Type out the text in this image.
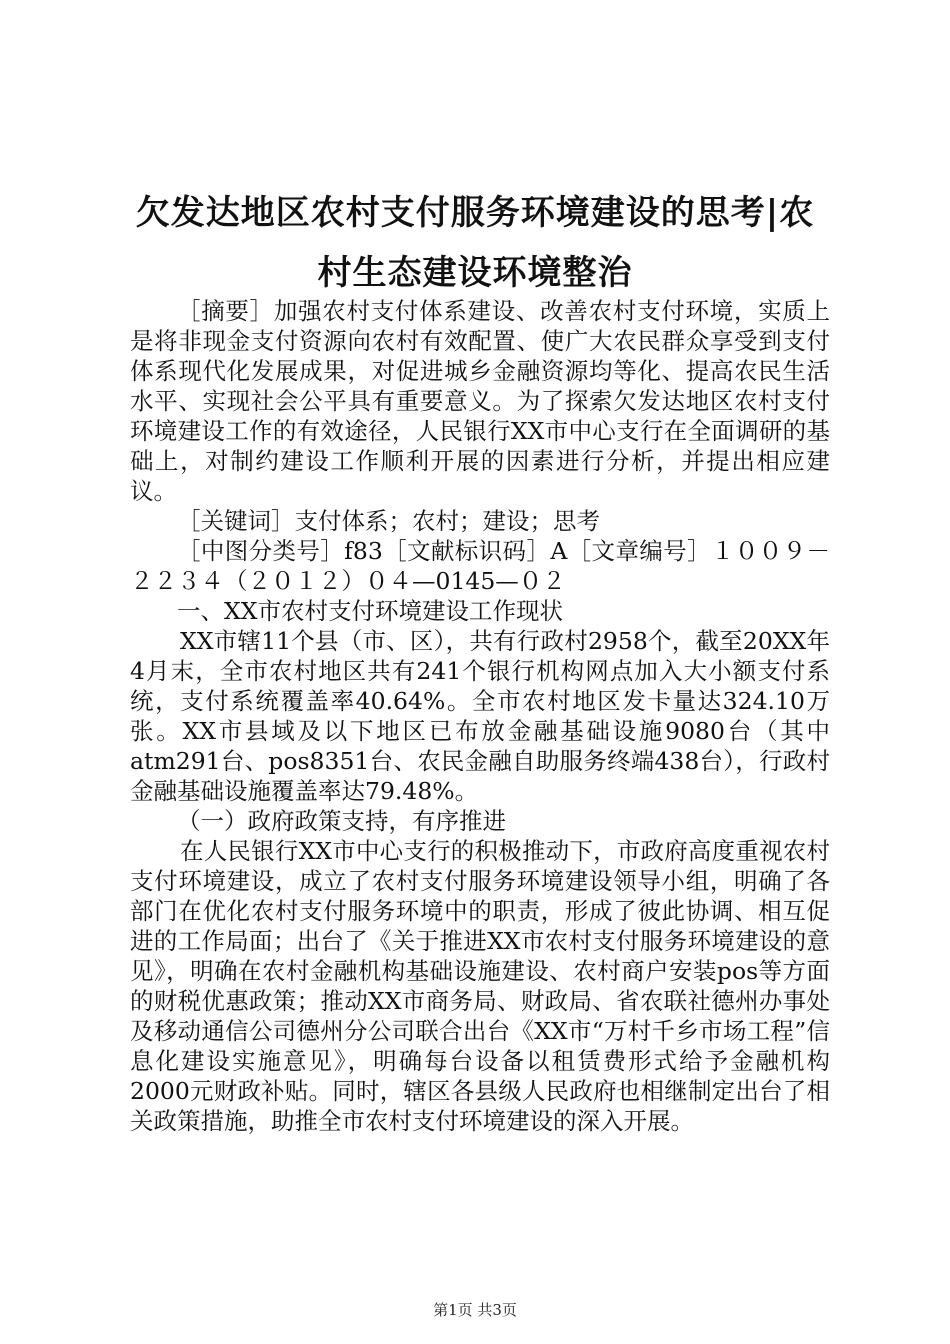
欠发达地区农村支付服务环境建设的思考|农村生态建设环境整治

［摘要］加强农村支付体系建设、改善农村支付环境，实质上是将非现金支付资源向农村有效配置、使广大农民群众享受到支付体系现代化发展成果，对促进城乡金融资源均等化、提高农民生活水平、实现社会公平具有重要意义。为了探索欠发达地区农村支付环境建设工作的有效途径，人民银行XX市中心支行在全面调研的基础上，对制约建设工作顺利开展的因素进行分析，并提出相应建议。

［关键词］支付体系；农村；建设；思考

［中图分类号］f83［文献标识码］A［文章编号］１００９－２２３４（２０１２）０４—0145—０２

一、XX市农村支付环境建设工作现状

XX市辖11个县（市、区），共有行政村2958个，截至20XX年4月末，全市农村地区共有241个银行机构网点加入大小额支付系统，支付系统覆盖率40.64%。全市农村地区发卡量达324.10万张。XX市县域及以下地区已布放金融基础设施9080台（其中atm291台、pos8351台、农民金融自助服务终端438台），行政村金融基础设施覆盖率达79.48%。

（一）政府政策支持，有序推进

在人民银行XX市中心支行的积极推动下，市政府高度重视农村支付环境建设，成立了农村支付服务环境建设领导小组，明确了各部门在优化农村支付服务环境中的职责，形成了彼此协调、相互促进的工作局面；出台了《关于推进XX市农村支付服务环境建设的意见》，明确在农村金融机构基础设施建设、农村商户安装pos等方面的财税优惠政策；推动XX市商务局、财政局、省农联社德州办事处及移动通信公司德州分公司联合出台《XX市“万村千乡市场工程”信息化建设实施意见》，明确每台设备以租赁费形式给予金融机构2000元财政补贴。同时，辖区各县级人民政府也相继制定出台了相关政策措施，助推全市农村支付环境建设的深入开展。

第1页 共3页
